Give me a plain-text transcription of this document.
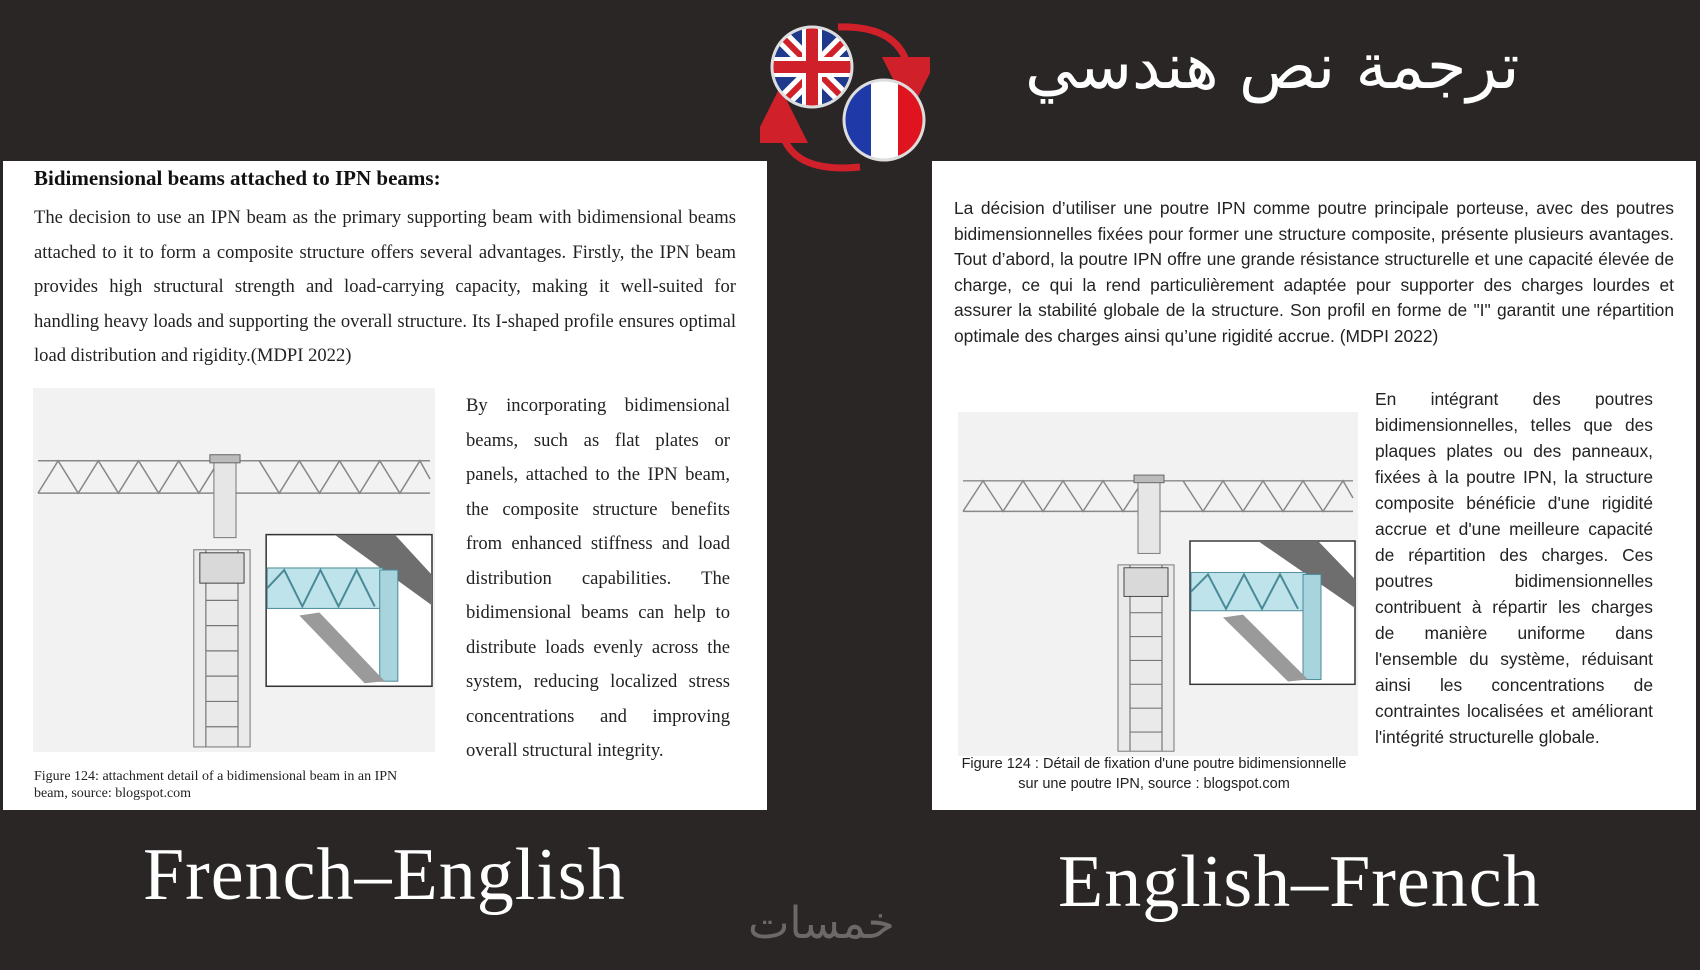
ترجمة نص هندسي
Bidimensional beams attached to IPN beams:
The decision to use an IPN beam as the primary supporting beam with bidimensional beams attached to it to form a composite structure offers several advantages. Firstly, the IPN beam provides high structural strength and load-carrying capacity, making it well-suited for handling heavy loads and supporting the overall structure. Its I-shaped profile ensures optimal load distribution and rigidity.(MDPI 2022)
By incorporating bidimensional beams, such as flat plates or panels, attached to the IPN beam, the composite structure benefits from enhanced stiffness and load distribution capabilities. The bidimensional beams can help to distribute loads evenly across the system, reducing localized stress concentrations and improving overall structural integrity.
Figure 124: attachment detail of a bidimensional beam in an IPN beam, source: blogspot.com
La décision d’utiliser une poutre IPN comme poutre principale porteuse, avec des poutres bidimensionnelles fixées pour former une structure composite, présente plusieurs avantages. Tout d’abord, la poutre IPN offre une grande résistance structurelle et une capacité élevée de charge, ce qui la rend particulièrement adaptée pour supporter des charges lourdes et assurer la stabilité globale de la structure. Son profil en forme de "I" garantit une répartition optimale des charges ainsi qu’une rigidité accrue. (MDPI 2022)
En intégrant des poutres bidimensionnelles, telles que des plaques plates ou des panneaux, fixées à la poutre IPN, la structure composite bénéficie d'une rigidité accrue et d'une meilleure capacité de répartition des charges. Ces poutres bidimensionnelles contribuent à répartir les charges de manière uniforme dans l'ensemble du système, réduisant ainsi les concentrations de contraintes localisées et améliorant l'intégrité structurelle globale.
Figure 124 : Détail de fixation d'une poutre bidimensionnelle sur une poutre IPN, source : blogspot.com
French–English	English–French
خمسات
